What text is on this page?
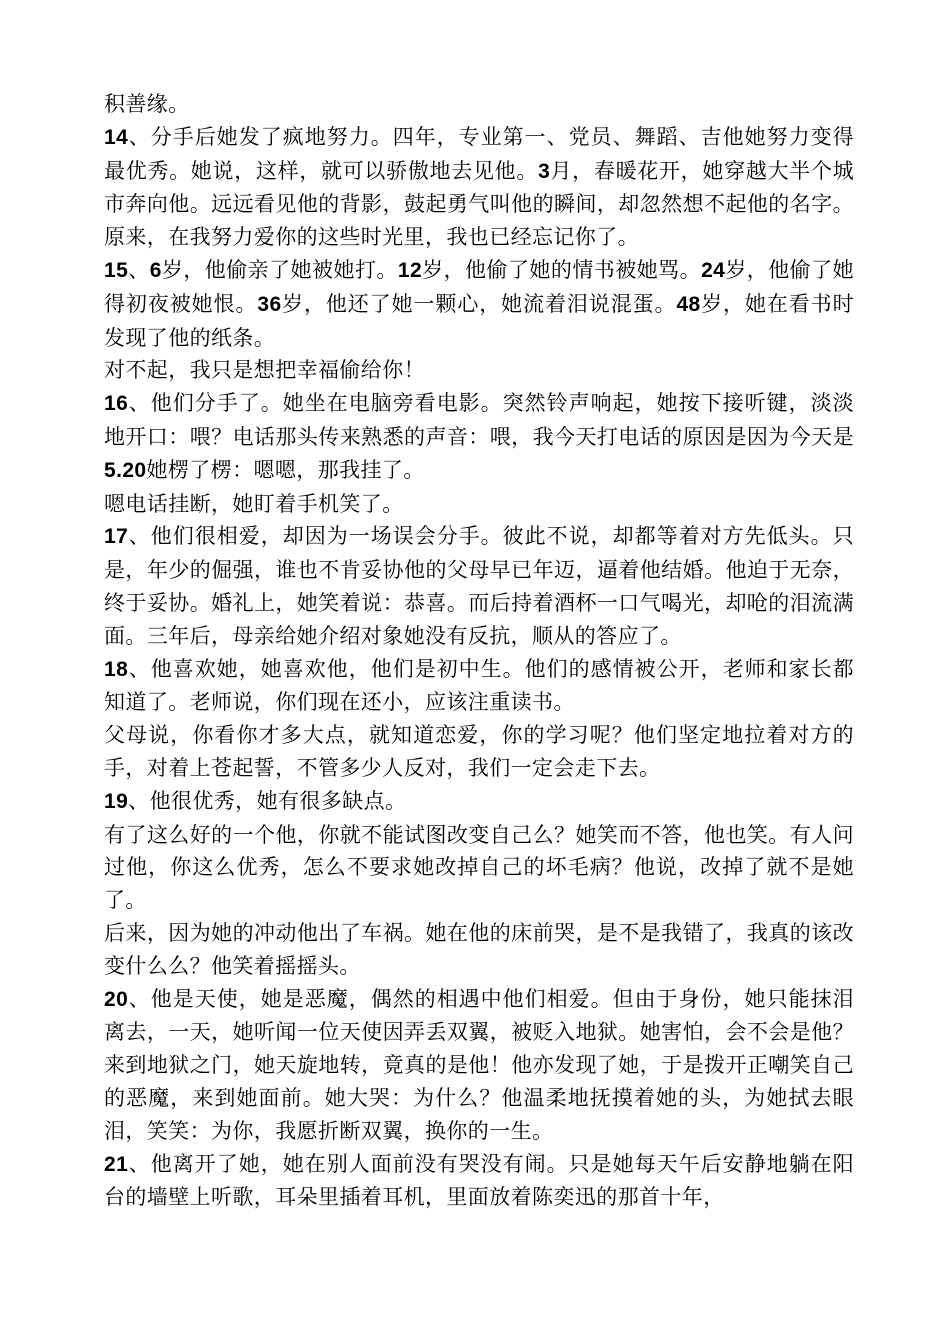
积善缘。

14、分手后她发了疯地努力。四年，专业第一、党员、舞蹈、吉他她努力变得最优秀。她说，这样，就可以骄傲地去见他。3月，春暖花开，她穿越大半个城市奔向他。远远看见他的背影，鼓起勇气叫他的瞬间，却忽然想不起他的名字。原来，在我努力爱你的这些时光里，我也已经忘记你了。

15、6岁，他偷亲了她被她打。12岁，他偷了她的情书被她骂。24岁，他偷了她得初夜被她恨。36岁，他还了她一颗心，她流着泪说混蛋。48岁，她在看书时发现了他的纸条。

对不起，我只是想把幸福偷给你！

16、他们分手了。她坐在电脑旁看电影。突然铃声响起，她按下接听键，淡淡地开口：喂？电话那头传来熟悉的声音：喂，我今天打电话的原因是因为今天是5.20她楞了楞：嗯嗯，那我挂了。

嗯电话挂断，她盯着手机笑了。

17、他们很相爱，却因为一场误会分手。彼此不说，却都等着对方先低头。只是，年少的倔强，谁也不肯妥协他的父母早已年迈，逼着他结婚。他迫于无奈，终于妥协。婚礼上，她笑着说：恭喜。而后持着酒杯一口气喝光，却呛的泪流满面。三年后，母亲给她介绍对象她没有反抗，顺从的答应了。

18、他喜欢她，她喜欢他，他们是初中生。他们的感情被公开，老师和家长都知道了。老师说，你们现在还小，应该注重读书。

父母说，你看你才多大点，就知道恋爱，你的学习呢？他们坚定地拉着对方的手，对着上苍起誓，不管多少人反对，我们一定会走下去。

19、他很优秀，她有很多缺点。

有了这么好的一个他，你就不能试图改变自己么？她笑而不答，他也笑。有人问过他，你这么优秀，怎么不要求她改掉自己的坏毛病？他说，改掉了就不是她了。

后来，因为她的冲动他出了车祸。她在他的床前哭，是不是我错了，我真的该改变什么么？他笑着摇摇头。

20、他是天使，她是恶魔，偶然的相遇中他们相爱。但由于身份，她只能抹泪离去，一天，她听闻一位天使因弄丢双翼，被贬入地狱。她害怕，会不会是他？来到地狱之门，她天旋地转，竟真的是他！他亦发现了她，于是拨开正嘲笑自己的恶魔，来到她面前。她大哭：为什么？他温柔地抚摸着她的头，为她拭去眼泪，笑笑：为你，我愿折断双翼，换你的一生。

21、他离开了她，她在别人面前没有哭没有闹。只是她每天午后安静地躺在阳台的墙壁上听歌，耳朵里插着耳机，里面放着陈奕迅的那首十年，
